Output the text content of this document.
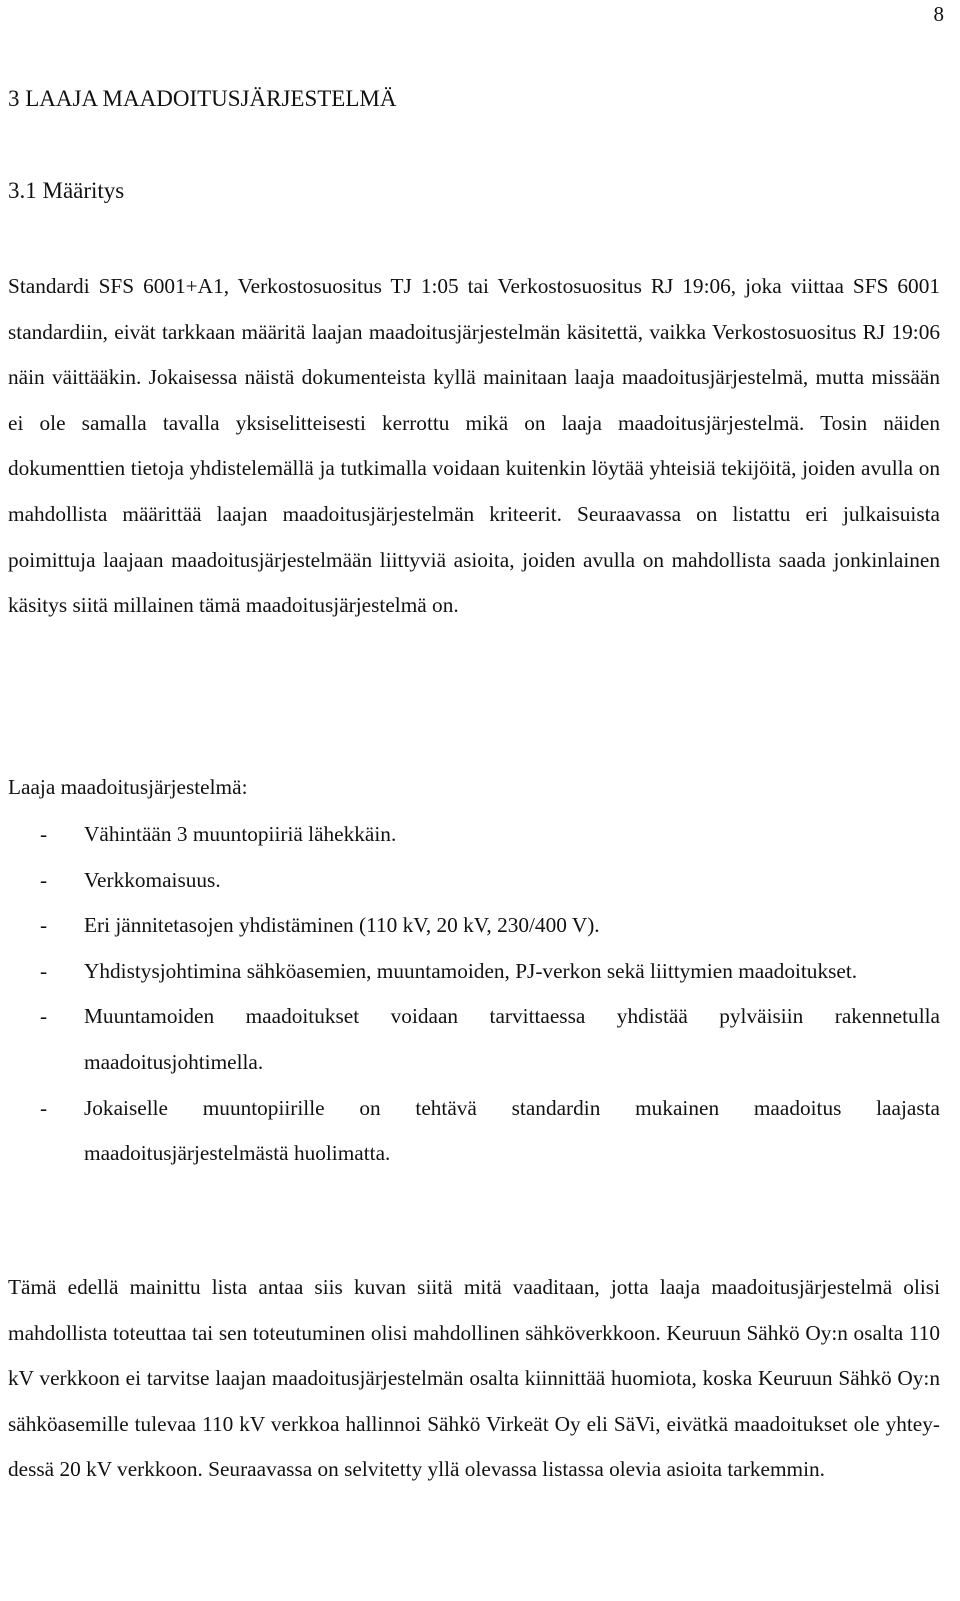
8
3 LAAJA MAADOITUSJÄRJESTELMÄ
3.1 Määritys

Standardi SFS 6001+A1, Verkostosuositus TJ 1:05 tai Verkostosuositus RJ 19:06, joka viittaa SFS 6001 standardiin, eivät tarkkaan määritä laajan maadoitusjärjestelmän käsitettä, vaikka Verkostosuositus RJ 19:06 näin väittääkin. Jokaisessa näistä dokumenteista kyllä mainitaan laaja maadoitusjärjestelmä, mutta missään ei ole samalla tavalla yksiselitteisesti kerrottu mikä on laaja maadoitusjärjestelmä. Tosin näiden dokumenttien tietoja yhdistelemällä ja tutkimalla voidaan kuitenkin löytää yhteisiä tekijöitä, joiden avulla on mahdollista määrittää laajan maadoitusjärjestelmän kriteerit. Seuraavassa on listattu eri julkaisuista poimittuja laajaan maadoitusjärjestelmään liittyviä asioita, joiden avulla on mahdollista saada jonkinlainen käsitys siitä millainen tämä maadoitusjärjestelmä on.

Laaja maadoitusjärjestelmä:

- Vähintään 3 muuntopiiriä lähekkäin.
- Verkkomaisuus.
- Eri jännitetasojen yhdistäminen (110 kV, 20 kV, 230/400 V).
- Yhdistysjohtimina sähköasemien, muuntamoiden, PJ-verkon sekä liittymien maadoitukset.
- Muuntamoiden maadoitukset voidaan tarvittaessa yhdistää pylväisiin rakennetulla maadoitusjohtimella.
- Jokaiselle muuntopiirille on tehtävä standardin mukainen maadoitus laajasta maadoitusjärjestelmästä huolimatta.

Tämä edellä mainittu lista antaa siis kuvan siitä mitä vaaditaan, jotta laaja maadoitusjärjestelmä olisi mahdollista toteuttaa tai sen toteutuminen olisi mahdollinen sähköverkkoon. Keuruun Sähkö Oy:n osalta 110 kV verkkoon ei tarvitse laajan maadoitusjärjestelmän osalta kiinnittää huomiota, koska Keuruun Sähkö Oy:n sähköasemille tulevaa 110 kV verkkoa hallinnoi Sähkö Virkeät Oy eli SäVi, eivätkä maadoitukset ole yhteydessä 20 kV verkkoon. Seuraavassa on selvitetty yllä olevassa listassa olevia asioita tarkemmin.
